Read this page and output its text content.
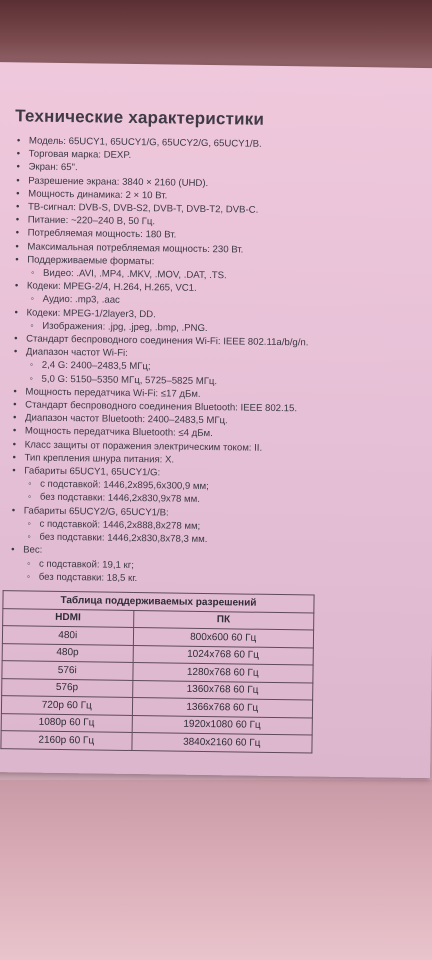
Технические характеристики
• Модель: 65UCY1, 65UCY1/G, 65UCY2/G, 65UCY1/B.
• Торговая марка: DEXP.
• Экран: 65".
• Разрешение экрана: 3840 × 2160 (UHD).
• Мощность динамика: 2 × 10 Вт.
• ТВ-сигнал: DVB-S, DVB-S2, DVB-T, DVB-T2, DVB-C.
• Питание: ~220–240 В, 50 Гц.
• Потребляемая мощность: 180 Вт.
• Максимальная потребляемая мощность: 230 Вт.
• Поддерживаемые форматы:
◦ Видео: .AVI, .MP4, .MKV, .MOV, .DAT, .TS.
• Кодеки: MPEG-2/4, H.264, H.265, VC1.
◦ Аудио: .mp3, .aac
• Кодеки: MPEG-1/2layer3, DD.
◦ Изображения: .jpg, .jpeg, .bmp, .PNG.
• Стандарт беспроводного соединения Wi-Fi: IEEE 802.11a/b/g/n.
• Диапазон частот Wi-Fi:
◦ 2,4 G: 2400–2483,5 МГц;
◦ 5,0 G: 5150–5350 МГц, 5725–5825 МГц.
• Мощность передатчика Wi-Fi: ≤17 дБм.
• Стандарт беспроводного соединения Bluetooth: IEEE 802.15.
• Диапазон частот Bluetooth: 2400–2483,5 МГц.
• Мощность передатчика Bluetooth: ≤4 дБм.
• Класс защиты от поражения электрическим током: II.
• Тип крепления шнура питания: X.
• Габариты 65UCY1, 65UCY1/G:
◦ с подставкой: 1446,2x895,6x300,9 мм;
◦ без подставки: 1446,2x830,9x78 мм.
• Габариты 65UCY2/G, 65UCY1/B:
◦ с подставкой: 1446,2x888,8x278 мм;
◦ без подставки: 1446,2x830,8x78,3 мм.
• Вес:
◦ с подставкой: 19,1 кг;
◦ без подставки: 18,5 кг.
Таблица поддерживаемых разрешений	
HDMI	ПК
480i	800x600 60 Гц
480p	1024x768 60 Гц
576i	1280x768 60 Гц
576p	1360x768 60 Гц
720p 60 Гц	1366x768 60 Гц
1080p 60 Гц	1920x1080 60 Гц
2160p 60 Гц	3840x2160 60 Гц
